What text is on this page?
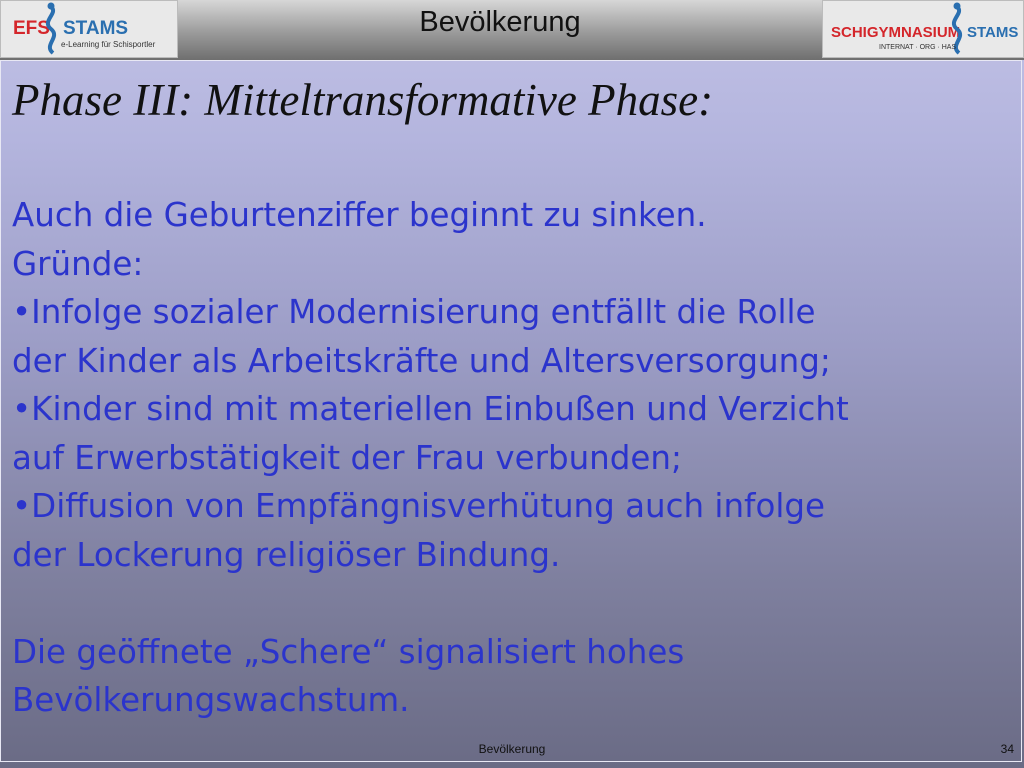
EFS STAMS
e-Learning für Schisportler
Bevölkerung	SCHIGYMNASIUM STAMS
INTERNAT · ORG · HAS
Phase III: Mitteltransformative Phase:
Auch die Geburtenziffer beginnt zu sinken.
Gründe:
•Infolge sozialer Modernisierung entfällt die Rolle
der Kinder als Arbeitskräfte und Altersversorgung;
•Kinder sind mit materiellen Einbußen und Verzicht
auf Erwerbstätigkeit der Frau verbunden;
•Diffusion von Empfängnisverhütung auch infolge
der Lockerung religiöser Bindung.
Die geöffnete „Schere“ signalisiert hohes
Bevölkerungswachstum.
Bevölkerung	34
